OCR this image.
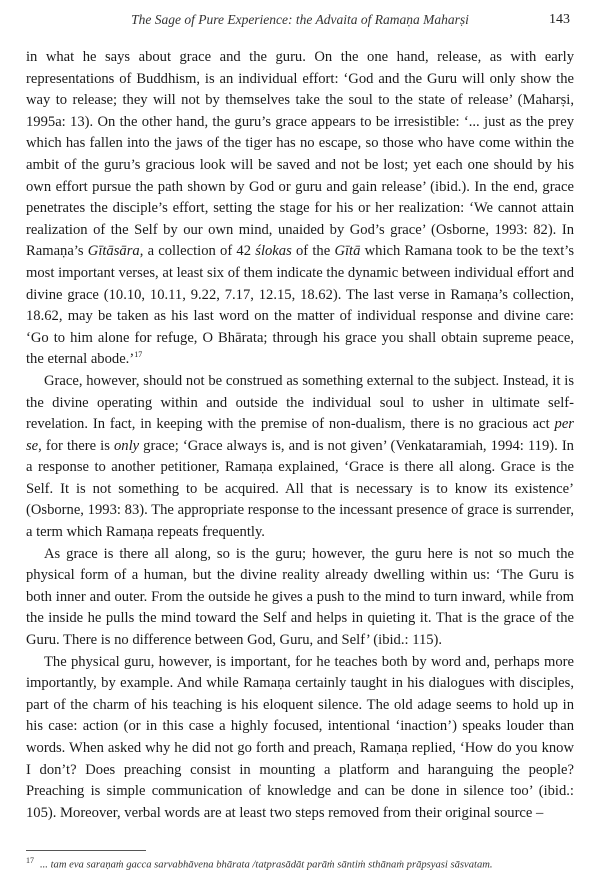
The Sage of Pure Experience: the Advaita of Ramaṇa Maharṣi	143

in what he says about grace and the guru. On the one hand, release, as with early representations of Buddhism, is an individual effort: ‘God and the Guru will only show the way to release; they will not by themselves take the soul to the state of release’ (Maharṣi, 1995a: 13). On the other hand, the guru’s grace appears to be irresistible: ‘... just as the prey which has fallen into the jaws of the tiger has no escape, so those who have come within the ambit of the guru’s gracious look will be saved and not be lost; yet each one should by his own effort pursue the path shown by God or guru and gain release’ (ibid.). In the end, grace penetrates the disciple’s effort, setting the stage for his or her realization: ‘We cannot attain realization of the Self by our own mind, unaided by God’s grace’ (Osborne, 1993: 82). In Ramaṇa’s Gītāsāra, a collection of 42 ślokas of the Gītā which Ramana took to be the text’s most important verses, at least six of them indicate the dynamic between individual effort and divine grace (10.10, 10.11, 9.22, 7.17, 12.15, 18.62). The last verse in Ramaṇa’s collection, 18.62, may be taken as his last word on the matter of individual response and divine care: ‘Go to him alone for refuge, O Bhārata; through his grace you shall obtain supreme peace, the eternal abode.’$^{17}$

Grace, however, should not be construed as something external to the subject. Instead, it is the divine operating within and outside the individual soul to usher in ultimate self-revelation. In fact, in keeping with the premise of non-dualism, there is no gracious act per se, for there is only grace; ‘Grace always is, and is not given’ (Venkataramiah, 1994: 119). In a response to another petitioner, Ramaṇa explained, ‘Grace is there all along. Grace is the Self. It is not something to be acquired. All that is necessary is to know its existence’ (Osborne, 1993: 83). The appropriate response to the incessant presence of grace is surrender, a term which Ramaṇa repeats frequently.

As grace is there all along, so is the guru; however, the guru here is not so much the physical form of a human, but the divine reality already dwelling within us: ‘The Guru is both inner and outer. From the outside he gives a push to the mind to turn inward, while from the inside he pulls the mind toward the Self and helps in quieting it. That is the grace of the Guru. There is no difference between God, Guru, and Self’ (ibid.: 115).

The physical guru, however, is important, for he teaches both by word and, perhaps more importantly, by example. And while Ramaṇa certainly taught in his dialogues with disciples, part of the charm of his teaching is his eloquent silence. The old adage seems to hold up in his case: action (or in this case a highly focused, intentional ‘inaction’) speaks louder than words. When asked why he did not go forth and preach, Ramaṇa replied, ‘How do you know I don’t? Does preaching consist in mounting a platform and haranguing the people? Preaching is simple communication of knowledge and can be done in silence too’ (ibid.: 105). Moreover, verbal words are at least two steps removed from their original source –

$^{17}$ ... tam eva saraṇaṁ gacca sarvabhāvena bhārata /tatprasādāt parāṁ sāntiṁ sthānaṁ prāpsyasi sāsvatam.
